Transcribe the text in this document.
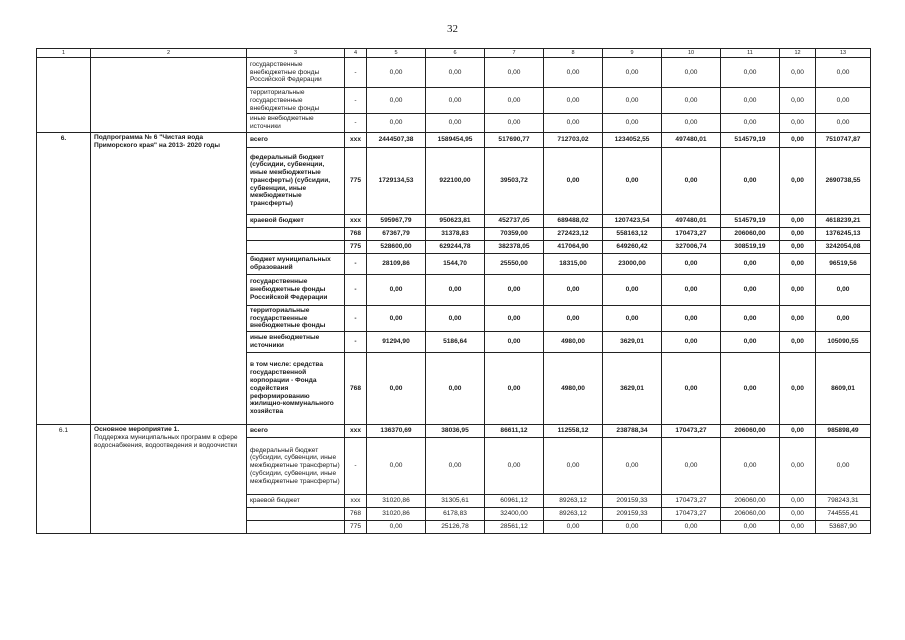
32
1	2	3	4	5	6	7	8	9	10	11	12	13
		государственные внебюджетные фонды Российской Федерации	-	0,00	0,00	0,00	0,00	0,00	0,00	0,00	0,00	0,00
		территориальные государственные внебюджетные фонды	-	0,00	0,00	0,00	0,00	0,00	0,00	0,00	0,00	0,00
		иные внебюджетные источники	-	0,00	0,00	0,00	0,00	0,00	0,00	0,00	0,00	0,00
6.	Подпрограмма № 6 "Чистая вода Приморского края" на 2013- 2020 годы	всего	ххх	2444507,38	1589454,95	517690,77	712703,02	1234052,55	497480,01	514579,19	0,00	7510747,87
		федеральный бюджет (субсидии, субвенции, иные межбюджетные трансферты) (субсидии, субвенции, иные межбюджетные трансферты)	775	1729134,53	922100,00	39503,72	0,00	0,00	0,00	0,00	0,00	2690738,55
		краевой бюджет	ххх	595967,79	950623,81	452737,05	689488,02	1207423,54	497480,01	514579,19	0,00	4618239,21
			768	67367,79	31378,83	70359,00	272423,12	558163,12	170473,27	206060,00	0,00	1376245,13
			775	528600,00	629244,78	382378,05	417064,90	649260,42	327006,74	308519,19	0,00	3242054,08
		бюджет муниципальных образований	-	28109,86	1544,70	25550,00	18315,00	23000,00	0,00	0,00	0,00	96519,56
		государственные внебюджетные фонды Российской Федерации	-	0,00	0,00	0,00	0,00	0,00	0,00	0,00	0,00	0,00
		территориальные государственные внебюджетные фонды	-	0,00	0,00	0,00	0,00	0,00	0,00	0,00	0,00	0,00
		иные внебюджетные источники	-	91294,90	5186,64	0,00	4980,00	3629,01	0,00	0,00	0,00	105090,55
		в том числе: средства государственной корпорации - Фонда содействия реформированию жилищно-коммунального хозяйства	768	0,00	0,00	0,00	4980,00	3629,01	0,00	0,00	0,00	8609,01
6.1	Основное мероприятие 1.
Поддержка муниципальных программ в сфере водоснабжения, водоотведения и водоочистки	всего	ххх	136370,69	38036,95	86611,12	112558,12	238788,34	170473,27	206060,00	0,00	985898,49
		федеральный бюджет (субсидии, субвенции, иные межбюджетные трансферты) (субсидии, субвенции, иные межбюджетные трансферты)	-	0,00	0,00	0,00	0,00	0,00	0,00	0,00	0,00	0,00
		краевой бюджет	ххх	31020,86	31305,61	60961,12	89263,12	209159,33	170473,27	206060,00	0,00	798243,31
			768	31020,86	6178,83	32400,00	89263,12	209159,33	170473,27	206060,00	0,00	744555,41
			775	0,00	25126,78	28561,12	0,00	0,00	0,00	0,00	0,00	53687,90
